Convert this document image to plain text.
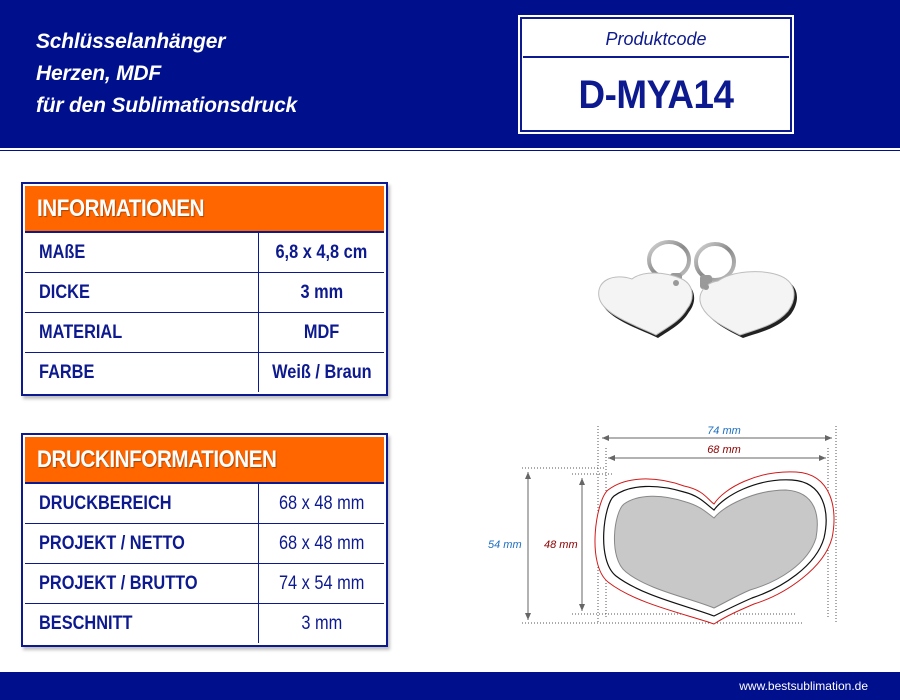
Schlüsselanhänger
Herzen, MDF
für den Sublimationsdruck
Produktcode
D-MYA14
INFORMATIONEN
MAßE	6,8 x 4,8 cm
DICKE	3 mm
MATERIAL	MDF
FARBE	Weiß / Braun
DRUCKINFORMATIONEN
DRUCKBEREICH	68 x 48 mm
PROJEKT / NETTO	68 x 48 mm
PROJEKT / BRUTTO	74 x 54 mm
BESCHNITT	3 mm
74 mm
68 mm
54 mm 48 mm
www.bestsublimation.de
